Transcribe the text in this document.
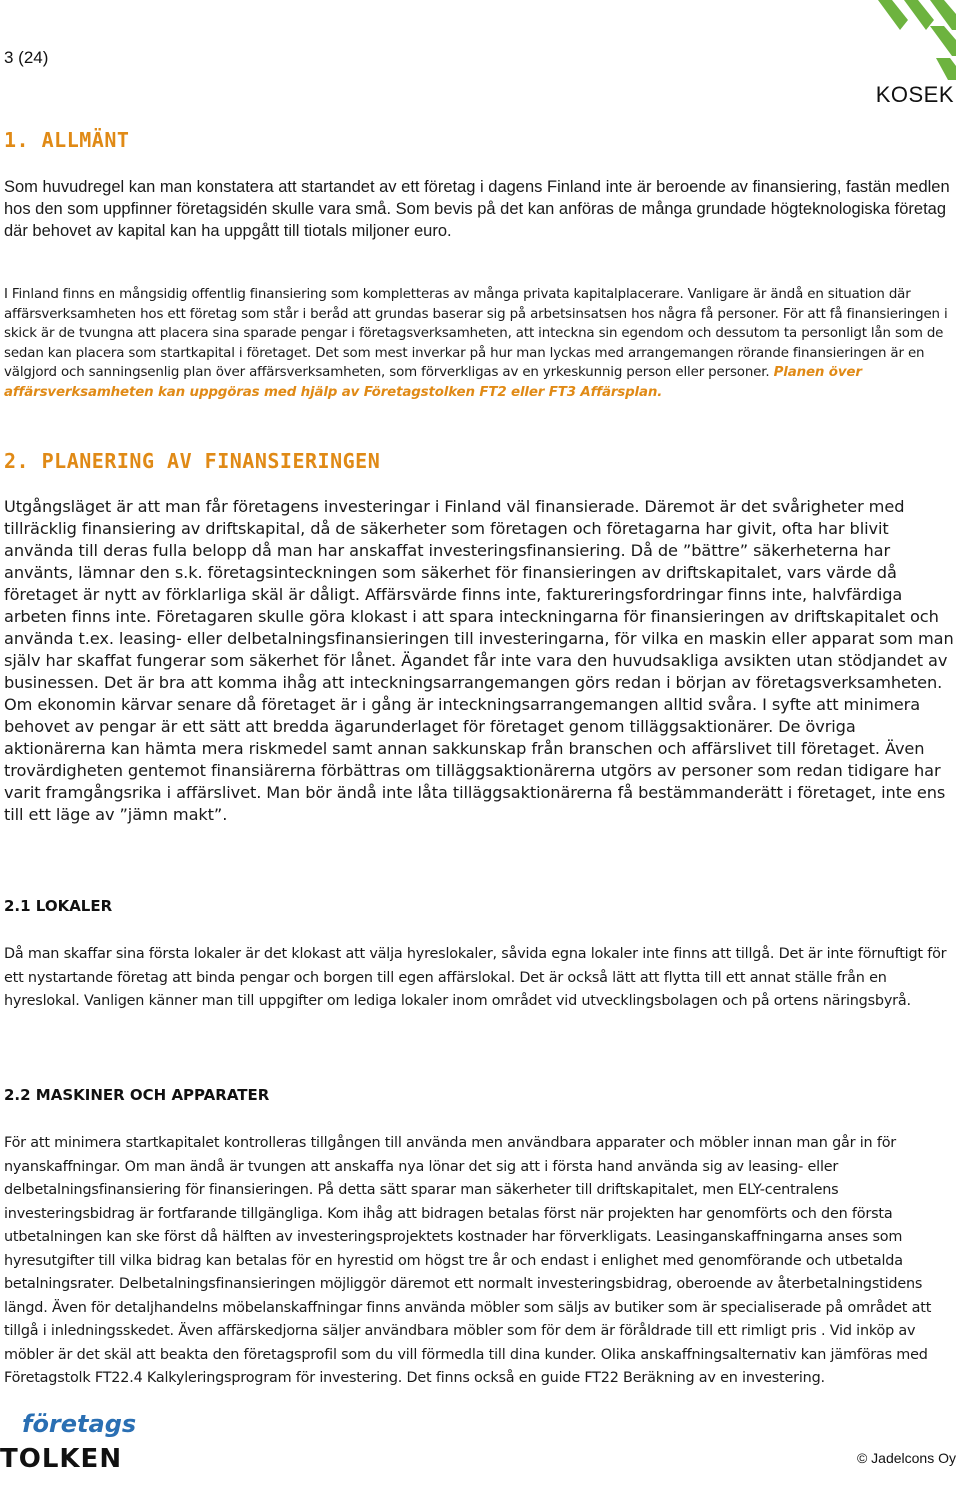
3 (24)
KOSEK
1. ALLMÄNT

Som huvudregel kan man konstatera att startandet av ett företag i dagens Finland inte är beroende av finansiering, fastän medlen hos den som uppfinner företagsidén skulle vara små. Som bevis på det kan anföras de många grundade högteknologiska företag där behovet av kapital kan ha uppgått till tiotals miljoner euro.

I Finland finns en mångsidig offentlig finansiering som kompletteras av många privata kapitalplacerare. Vanligare är ändå en situation där affärsverksamheten hos ett företag som står i beråd att grundas baserar sig på arbetsinsatsen hos några få personer. För att få finansieringen i skick är de tvungna att placera sina sparade pengar i företagsverksamheten, att inteckna sin egendom och dessutom ta personligt lån som de sedan kan placera som startkapital i företaget. Det som mest inverkar på hur man lyckas med arrangemangen rörande finansieringen är en välgjord och sanningsenlig plan över affärsverksamheten, som förverkligas av en yrkeskunnig person eller personer. Planen över affärsverksamheten kan uppgöras med hjälp av Företagstolken FT2 eller FT3 Affärsplan.

2. PLANERING AV FINANSIERINGEN

Utgångsläget är att man får företagens investeringar i Finland väl finansierade. Däremot är det svårigheter med tillräcklig finansiering av driftskapital, då de säkerheter som företagen och företagarna har givit, ofta har blivit använda till deras fulla belopp då man har anskaffat investeringsfinansiering. Då de ”bättre” säkerheterna har använts, lämnar den s.k. företagsinteckningen som säkerhet för finansieringen av driftskapitalet, vars värde då företaget är nytt av förklarliga skäl är dåligt. Affärsvärde finns inte, faktureringsfordringar finns inte, halvfärdiga arbeten finns inte. Företagaren skulle göra klokast i att spara inteckningarna för finansieringen av driftskapitalet och använda t.ex. leasing- eller delbetalningsfinansieringen till investeringarna, för vilka en maskin eller apparat som man själv har skaffat fungerar som säkerhet för lånet. Ägandet får inte vara den huvudsakliga avsikten utan stödjandet av businessen. Det är bra att komma ihåg att inteckningsarrangemangen görs redan i början av företagsverksamheten. Om ekonomin kärvar senare då företaget är i gång är inteckningsarrangemangen alltid svåra. I syfte att minimera behovet av pengar är ett sätt att bredda ägarunderlaget för företaget genom tilläggsaktionärer. De övriga aktionärerna kan hämta mera riskmedel samt annan sakkunskap från branschen och affärslivet till företaget. Även trovärdigheten gentemot finansiärerna förbättras om tilläggsaktionärerna utgörs av personer som redan tidigare har varit framgångsrika i affärslivet. Man bör ändå inte låta tilläggsaktionärerna få bestämmanderätt i företaget, inte ens till ett läge av ”jämn makt”.

2.1 LOKALER

Då man skaffar sina första lokaler är det klokast att välja hyreslokaler, såvida egna lokaler inte finns att tillgå. Det är inte förnuftigt för ett nystartande företag att binda pengar och borgen till egen affärslokal. Det är också lätt att flytta till ett annat ställe från en hyreslokal. Vanligen känner man till uppgifter om lediga lokaler inom området vid utvecklingsbolagen och på ortens näringsbyrå.

2.2 MASKINER OCH APPARATER

För att minimera startkapitalet kontrolleras tillgången till använda men användbara apparater och möbler innan man går in för nyanskaffningar. Om man ändå är tvungen att anskaffa nya lönar det sig att i första hand använda sig av leasing- eller delbetalningsfinansiering för finansieringen. På detta sätt sparar man säkerheter till driftskapitalet, men ELY-centralens investeringsbidrag är fortfarande tillgängliga. Kom ihåg att bidragen betalas först när projekten har genomförts och den första utbetalningen kan ske först då hälften av investeringsprojektets kostnader har förverkligats. Leasinganskaffningarna anses som hyresutgifter till vilka bidrag kan betalas för en hyrestid om högst tre år och endast i enlighet med genomförande och utbetalda betalningsrater. Delbetalningsfinansieringen möjliggör däremot ett normalt investeringsbidrag, oberoende av återbetalningstidens längd. Även för detaljhandelns möbelanskaffningar finns använda möbler som säljs av butiker som är specialiserade på området att tillgå i inledningsskedet. Även affärskedjorna säljer användbara möbler som för dem är föråldrade till ett rimligt pris . Vid inköp av möbler är det skäl att beakta den företagsprofil som du vill förmedla till dina kunder. Olika anskaffningsalternativ kan jämföras med Företagstolk FT22.4 Kalkyleringsprogram för investering. Det finns också en guide FT22 Beräkning av en investering.

företags
TOLKEN	© Jadelcons Oy
